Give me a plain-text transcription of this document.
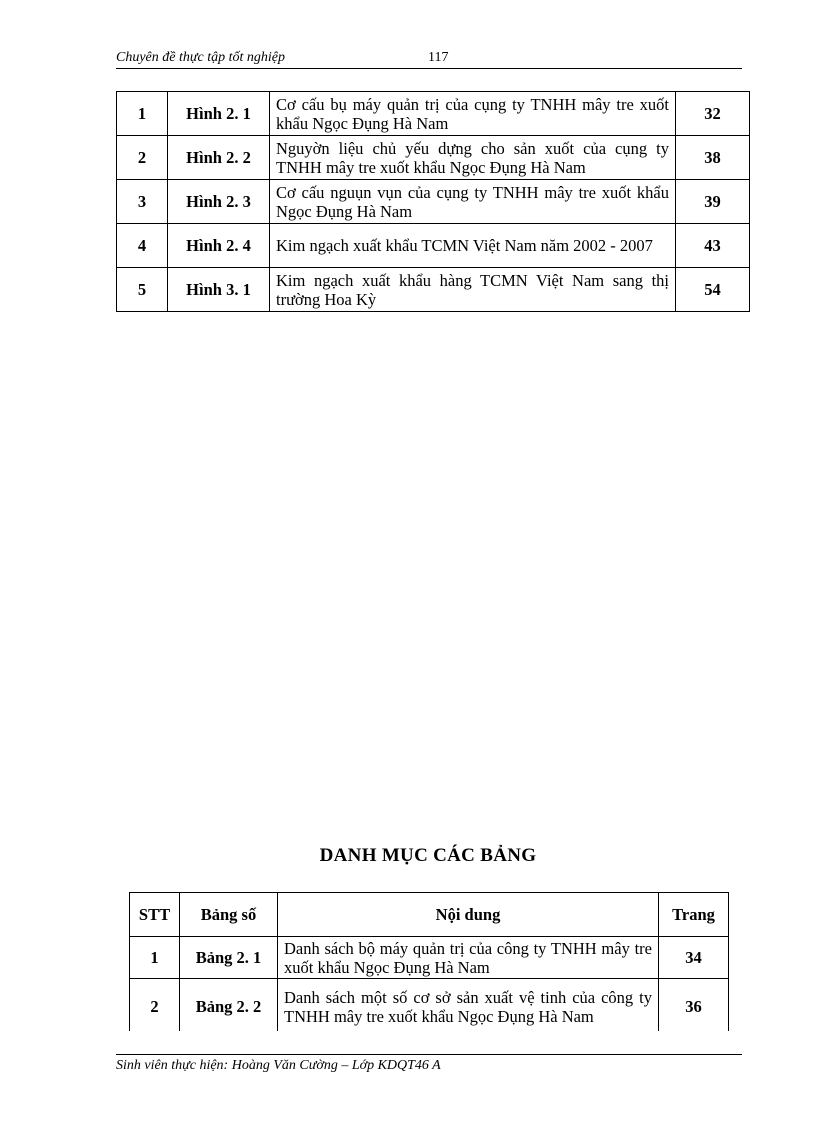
Chuyên đề thực tập tốt nghiệp	117
1	Hình 2. 1	Cơ cấu bụ máy quản trị của cụng ty TNHH mây tre xuốt khẩu Ngọc Đụng Hà Nam	32
2	Hình 2. 2	Nguyờn liệu chủ yếu dựng cho sản xuốt của cụng ty TNHH mây tre xuốt khẩu Ngọc Đụng Hà Nam	38
3	Hình 2. 3	Cơ cấu nguụn vụn của cụng ty TNHH mây tre xuốt khẩu Ngọc Đụng Hà Nam	39
4	Hình 2. 4	Kim ngạch xuất khẩu TCMN Việt Nam năm 2002 - 2007	43
5	Hình 3. 1	Kim ngạch xuất khẩu hàng TCMN Việt Nam sang thị trường Hoa Kỳ	54
DANH MỤC CÁC BẢNG
STT	Bảng số	Nội dung	Trang
1	Bảng 2. 1	Danh sách bộ máy quản trị của công ty TNHH mây tre xuốt khẩu Ngọc Đụng Hà Nam	34
2	Bảng 2. 2	Danh sách một số cơ sở sản xuất vệ tinh của công ty TNHH mây tre xuốt khẩu Ngọc Đụng Hà Nam	36
Sinh viên thực hiện: Hoàng Văn Cường – Lớp KDQT46 A
